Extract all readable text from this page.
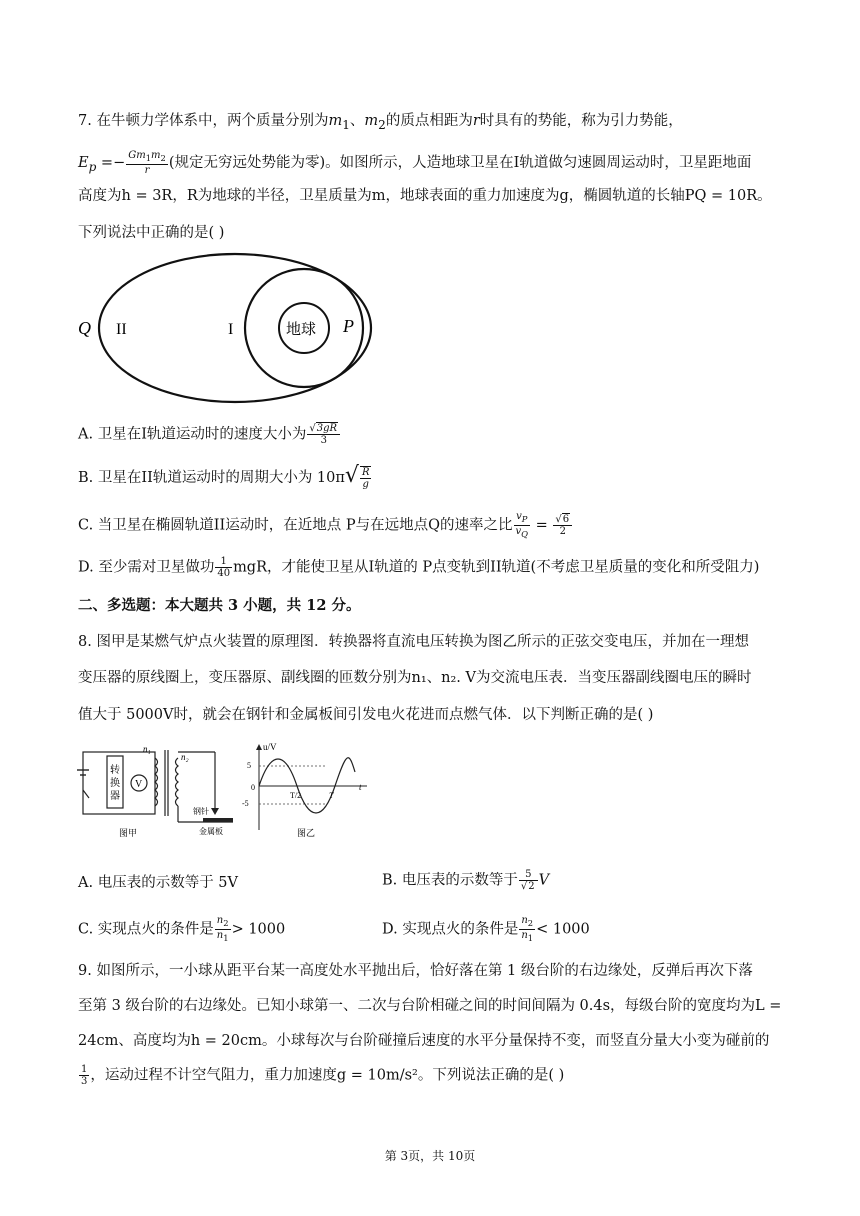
7. 在牛顿力学体系中，两个质量分别为$m_1$、$m_2$的质点相距为r时具有的势能，称为引力势能，
$E_p =- \frac{Gm_1m_2}{r}$ (规定无穷远处势能为零)。如图所示，人造地球卫星在I轨道做匀速圆周运动时，卫星距地面
高度为h = 3R，R为地球的半径，卫星质量为m，地球表面的重力加速度为g，椭圆轨道的长轴PQ = 10R。
下列说法中正确的是( )
Q II	I	地球 P
A. 卫星在I轨道运动时的速度大小为 $\frac{√3gR}{3}$
B. 卫星在II轨道运动时的周期大小为 $10\pi√ \frac{R}{g}$
C. 当卫星在椭圆轨道II运动时，在近地点 P与在远地点Q的速率之比 $\frac{v_P}{v_Q} = \frac{√6}{2}$
D. 至少需对卫星做功 $\frac{1}{40}$ mgR，才能使卫星从I轨道的 P点变轨到II轨道(不考虑卫星质量的变化和所受阻力)
二、多选题：本大题共 3 小题，共 12 分。
8. 图甲是某燃气炉点火装置的原理图．转换器将直流电压转换为图乙所示的正弦交变电压，并加在一理想
变压器的原线圈上，变压器原、副线圈的匝数分别为n₁、n₂. V为交流电压表．当变压器副线圈电压的瞬时
值大于 5000V时，就会在钢针和金属板间引发电火花进而点燃气体．以下判断正确的是( )
转
换
器
V
n₁
n₂
钢针
金属板
图甲
u/V
5
-5
0
T/2	T
t
图乙
A. 电压表的示数等于 5V	B. 电压表的示数等于 $\frac{5}{√2}$ V
C. 实现点火的条件是 $\frac{n_2}{n_1} > 1000$	D. 实现点火的条件是 $\frac{n_2}{n_1} < 1000$
9. 如图所示，一小球从距平台某一高度处水平抛出后，恰好落在第 1 级台阶的右边缘处，反弹后再次下落
至第 3 级台阶的右边缘处。已知小球第一、二次与台阶相碰之间的时间间隔为 0.4s，每级台阶的宽度均为L =
24cm、高度均为h = 20cm。小球每次与台阶碰撞后速度的水平分量保持不变，而竖直分量大小变为碰前的
$\frac{1}{3}$ ，运动过程不计空气阻力，重力加速度g = 10m/s²。下列说法正确的是( )
第 3页，共 10页
